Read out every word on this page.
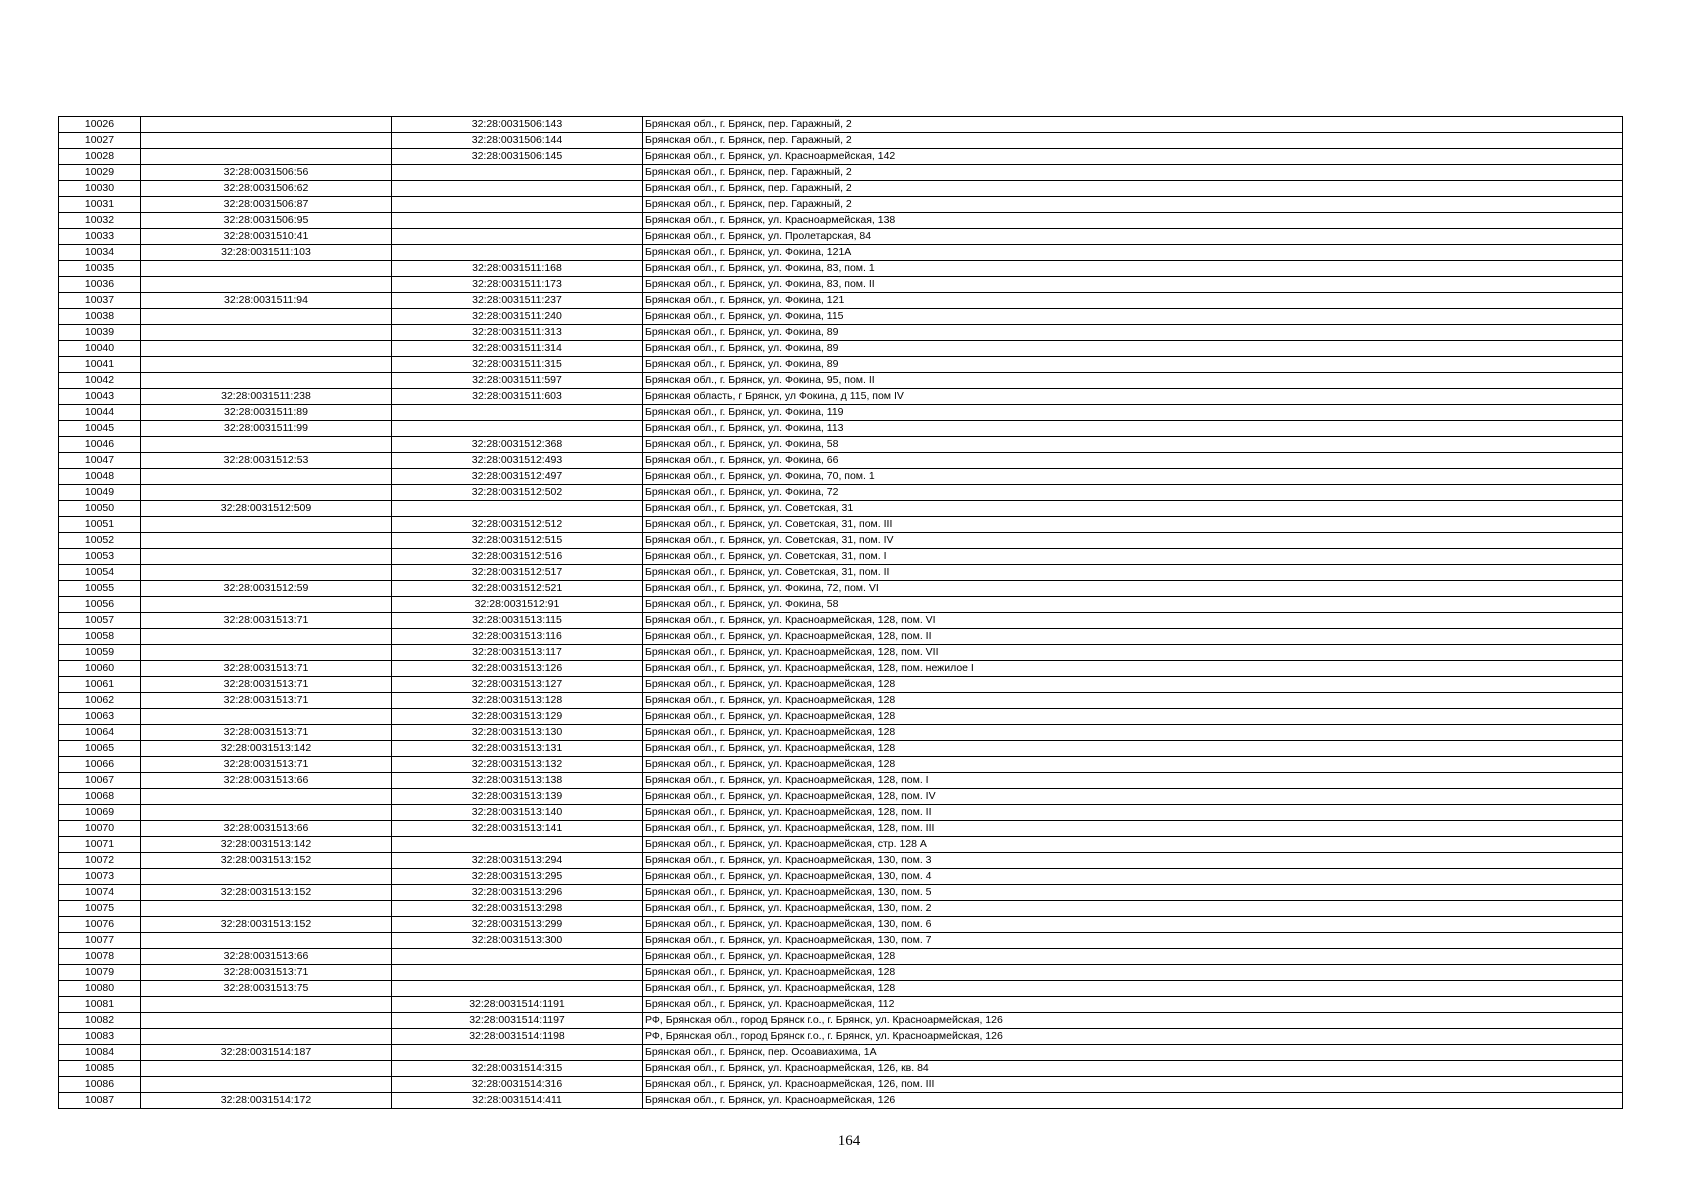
10026		32:28:0031506:143	Брянская обл., г. Брянск, пер. Гаражный, 2
10027		32:28:0031506:144	Брянская обл., г. Брянск, пер. Гаражный, 2
10028		32:28:0031506:145	Брянская обл., г. Брянск, ул. Красноармейская, 142
10029	32:28:0031506:56		Брянская обл., г. Брянск, пер. Гаражный, 2
10030	32:28:0031506:62		Брянская обл., г. Брянск, пер. Гаражный, 2
10031	32:28:0031506:87		Брянская обл., г. Брянск, пер. Гаражный, 2
10032	32:28:0031506:95		Брянская обл., г. Брянск, ул. Красноармейская, 138
10033	32:28:0031510:41		Брянская обл., г. Брянск, ул. Пролетарская, 84
10034	32:28:0031511:103		Брянская обл., г. Брянск, ул. Фокина, 121А
10035		32:28:0031511:168	Брянская обл., г. Брянск, ул. Фокина, 83, пом. 1
10036		32:28:0031511:173	Брянская обл., г. Брянск, ул. Фокина, 83, пом. II
10037	32:28:0031511:94	32:28:0031511:237	Брянская обл., г. Брянск, ул. Фокина, 121
10038		32:28:0031511:240	Брянская обл., г. Брянск, ул. Фокина, 115
10039		32:28:0031511:313	Брянская обл., г. Брянск, ул. Фокина, 89
10040		32:28:0031511:314	Брянская обл., г. Брянск, ул. Фокина, 89
10041		32:28:0031511:315	Брянская обл., г. Брянск, ул. Фокина, 89
10042		32:28:0031511:597	Брянская обл., г. Брянск, ул. Фокина, 95, пом. II
10043	32:28:0031511:238	32:28:0031511:603	Брянская область, г Брянск, ул Фокина, д 115, пом IV
10044	32:28:0031511:89		Брянская обл., г. Брянск, ул. Фокина, 119
10045	32:28:0031511:99		Брянская обл., г. Брянск, ул. Фокина, 113
10046		32:28:0031512:368	Брянская обл., г. Брянск, ул. Фокина, 58
10047	32:28:0031512:53	32:28:0031512:493	Брянская обл., г. Брянск, ул. Фокина, 66
10048		32:28:0031512:497	Брянская обл., г. Брянск, ул. Фокина, 70, пом. 1
10049		32:28:0031512:502	Брянская обл., г. Брянск, ул. Фокина, 72
10050	32:28:0031512:509		Брянская обл., г. Брянск, ул. Советская, 31
10051		32:28:0031512:512	Брянская обл., г. Брянск, ул. Советская, 31, пом. III
10052		32:28:0031512:515	Брянская обл., г. Брянск, ул. Советская, 31, пом. IV
10053		32:28:0031512:516	Брянская обл., г. Брянск, ул. Советская, 31, пом. I
10054		32:28:0031512:517	Брянская обл., г. Брянск, ул. Советская, 31, пом. II
10055	32:28:0031512:59	32:28:0031512:521	Брянская обл., г. Брянск, ул. Фокина, 72, пом. VI
10056		32:28:0031512:91	Брянская обл., г. Брянск, ул. Фокина, 58
10057	32:28:0031513:71	32:28:0031513:115	Брянская обл., г. Брянск, ул. Красноармейская, 128, пом. VI
10058		32:28:0031513:116	Брянская обл., г. Брянск, ул. Красноармейская, 128, пом. II
10059		32:28:0031513:117	Брянская обл., г. Брянск, ул. Красноармейская, 128, пом. VII
10060	32:28:0031513:71	32:28:0031513:126	Брянская обл., г. Брянск, ул. Красноармейская, 128, пом. нежилое I
10061	32:28:0031513:71	32:28:0031513:127	Брянская обл., г. Брянск, ул. Красноармейская, 128
10062	32:28:0031513:71	32:28:0031513:128	Брянская обл., г. Брянск, ул. Красноармейская, 128
10063		32:28:0031513:129	Брянская обл., г. Брянск, ул. Красноармейская, 128
10064	32:28:0031513:71	32:28:0031513:130	Брянская обл., г. Брянск, ул. Красноармейская, 128
10065	32:28:0031513:142	32:28:0031513:131	Брянская обл., г. Брянск, ул. Красноармейская, 128
10066	32:28:0031513:71	32:28:0031513:132	Брянская обл., г. Брянск, ул. Красноармейская, 128
10067	32:28:0031513:66	32:28:0031513:138	Брянская обл., г. Брянск, ул. Красноармейская, 128, пом. I
10068		32:28:0031513:139	Брянская обл., г. Брянск, ул. Красноармейская, 128, пом. IV
10069		32:28:0031513:140	Брянская обл., г. Брянск, ул. Красноармейская, 128, пом. II
10070	32:28:0031513:66	32:28:0031513:141	Брянская обл., г. Брянск, ул. Красноармейская, 128, пом. III
10071	32:28:0031513:142		Брянская обл., г. Брянск, ул. Красноармейская, стр. 128 А
10072	32:28:0031513:152	32:28:0031513:294	Брянская обл., г. Брянск, ул. Красноармейская, 130, пом. 3
10073		32:28:0031513:295	Брянская обл., г. Брянск, ул. Красноармейская, 130, пом. 4
10074	32:28:0031513:152	32:28:0031513:296	Брянская обл., г. Брянск, ул. Красноармейская, 130, пом. 5
10075		32:28:0031513:298	Брянская обл., г. Брянск, ул. Красноармейская, 130, пом. 2
10076	32:28:0031513:152	32:28:0031513:299	Брянская обл., г. Брянск, ул. Красноармейская, 130, пом. 6
10077		32:28:0031513:300	Брянская обл., г. Брянск, ул. Красноармейская, 130, пом. 7
10078	32:28:0031513:66		Брянская обл., г. Брянск, ул. Красноармейская, 128
10079	32:28:0031513:71		Брянская обл., г. Брянск, ул. Красноармейская, 128
10080	32:28:0031513:75		Брянская обл., г. Брянск, ул. Красноармейская, 128
10081		32:28:0031514:1191	Брянская обл., г. Брянск, ул. Красноармейская, 112
10082		32:28:0031514:1197	РФ, Брянская обл., город Брянск г.о., г. Брянск, ул. Красноармейская, 126
10083		32:28:0031514:1198	РФ, Брянская обл., город Брянск г.о., г. Брянск, ул. Красноармейская, 126
10084	32:28:0031514:187		Брянская обл., г. Брянск, пер. Осоавиахима, 1А
10085		32:28:0031514:315	Брянская обл., г. Брянск, ул. Красноармейская, 126, кв. 84
10086		32:28:0031514:316	Брянская обл., г. Брянск, ул. Красноармейская, 126, пом. III
10087	32:28:0031514:172	32:28:0031514:411	Брянская обл., г. Брянск, ул. Красноармейская, 126
164
